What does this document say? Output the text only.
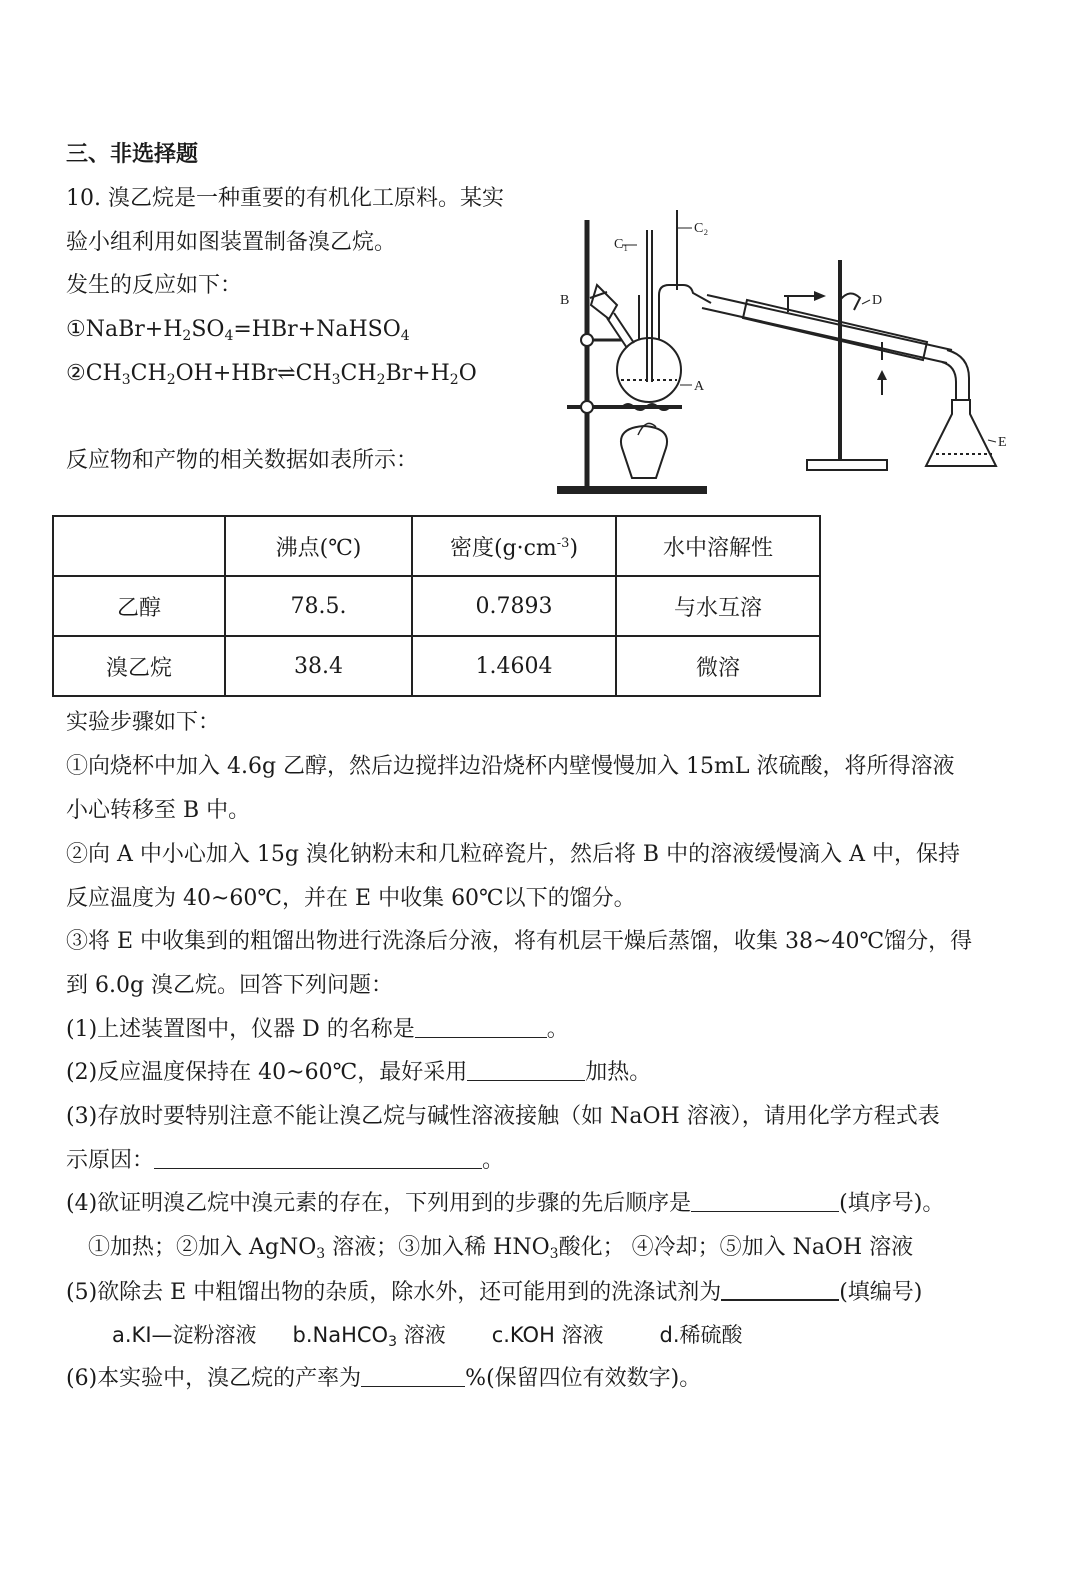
三、非选择题
10. 溴乙烷是一种重要的有机化工原料。某实
验小组利用如图装置制备溴乙烷。
发生的反应如下：
$①NaBr+H_2SO_4=HBr+NaHSO_4$
$②CH_3CH_2OH+HBr\rightleftharpoons CH_3CH_2Br+H_2O$
反应物和产物的相关数据如表所示：
C₁
C₂
B
A
D
E
	沸点(℃)	密度$(g\cdot cm^{-3})$	水中溶解性
乙醇	78.5.	0.7893	与水互溶
溴乙烷	38.4	1.4604	微溶
实验步骤如下：
①向烧杯中加入 4.6g 乙醇，然后边搅拌边沿烧杯内壁慢慢加入 15mL 浓硫酸，将所得溶液
小心转移至 B 中。
②向 A 中小心加入 15g 溴化钠粉末和几粒碎瓷片，然后将 B 中的溶液缓慢滴入 A 中，保持
反应温度为 40~60℃，并在 E 中收集 60℃以下的馏分。
③将 E 中收集到的粗馏出物进行洗涤后分液，将有机层干燥后蒸馏，收集 38~40℃馏分，得
到 6.0g 溴乙烷。回答下列问题：
(1)上述装置图中，仪器 D 的名称是	。
(2)反应温度保持在 40~60℃，最好采用	加热。
(3)存放时要特别注意不能让溴乙烷与碱性溶液接触（如 NaOH 溶液），请用化学方程式表
示原因：	。
(4)欲证明溴乙烷中溴元素的存在，下列用到的步骤的先后顺序是	(填序号)。
①加热；②加入 AgNO$_3$ 溶液；③加入稀 $HNO_3$酸化； ④冷却；⑤加入 NaOH 溶液
(5)欲除去 E 中粗馏出物的杂质，除水外，还可能用到的洗涤试剂为	(填编号)
a.KI—淀粉溶液 b.NaHCO$_3$ 溶液 c.KOH 溶液	d.稀硫酸
(6)本实验中，溴乙烷的产率为	%(保留四位有效数字)。
